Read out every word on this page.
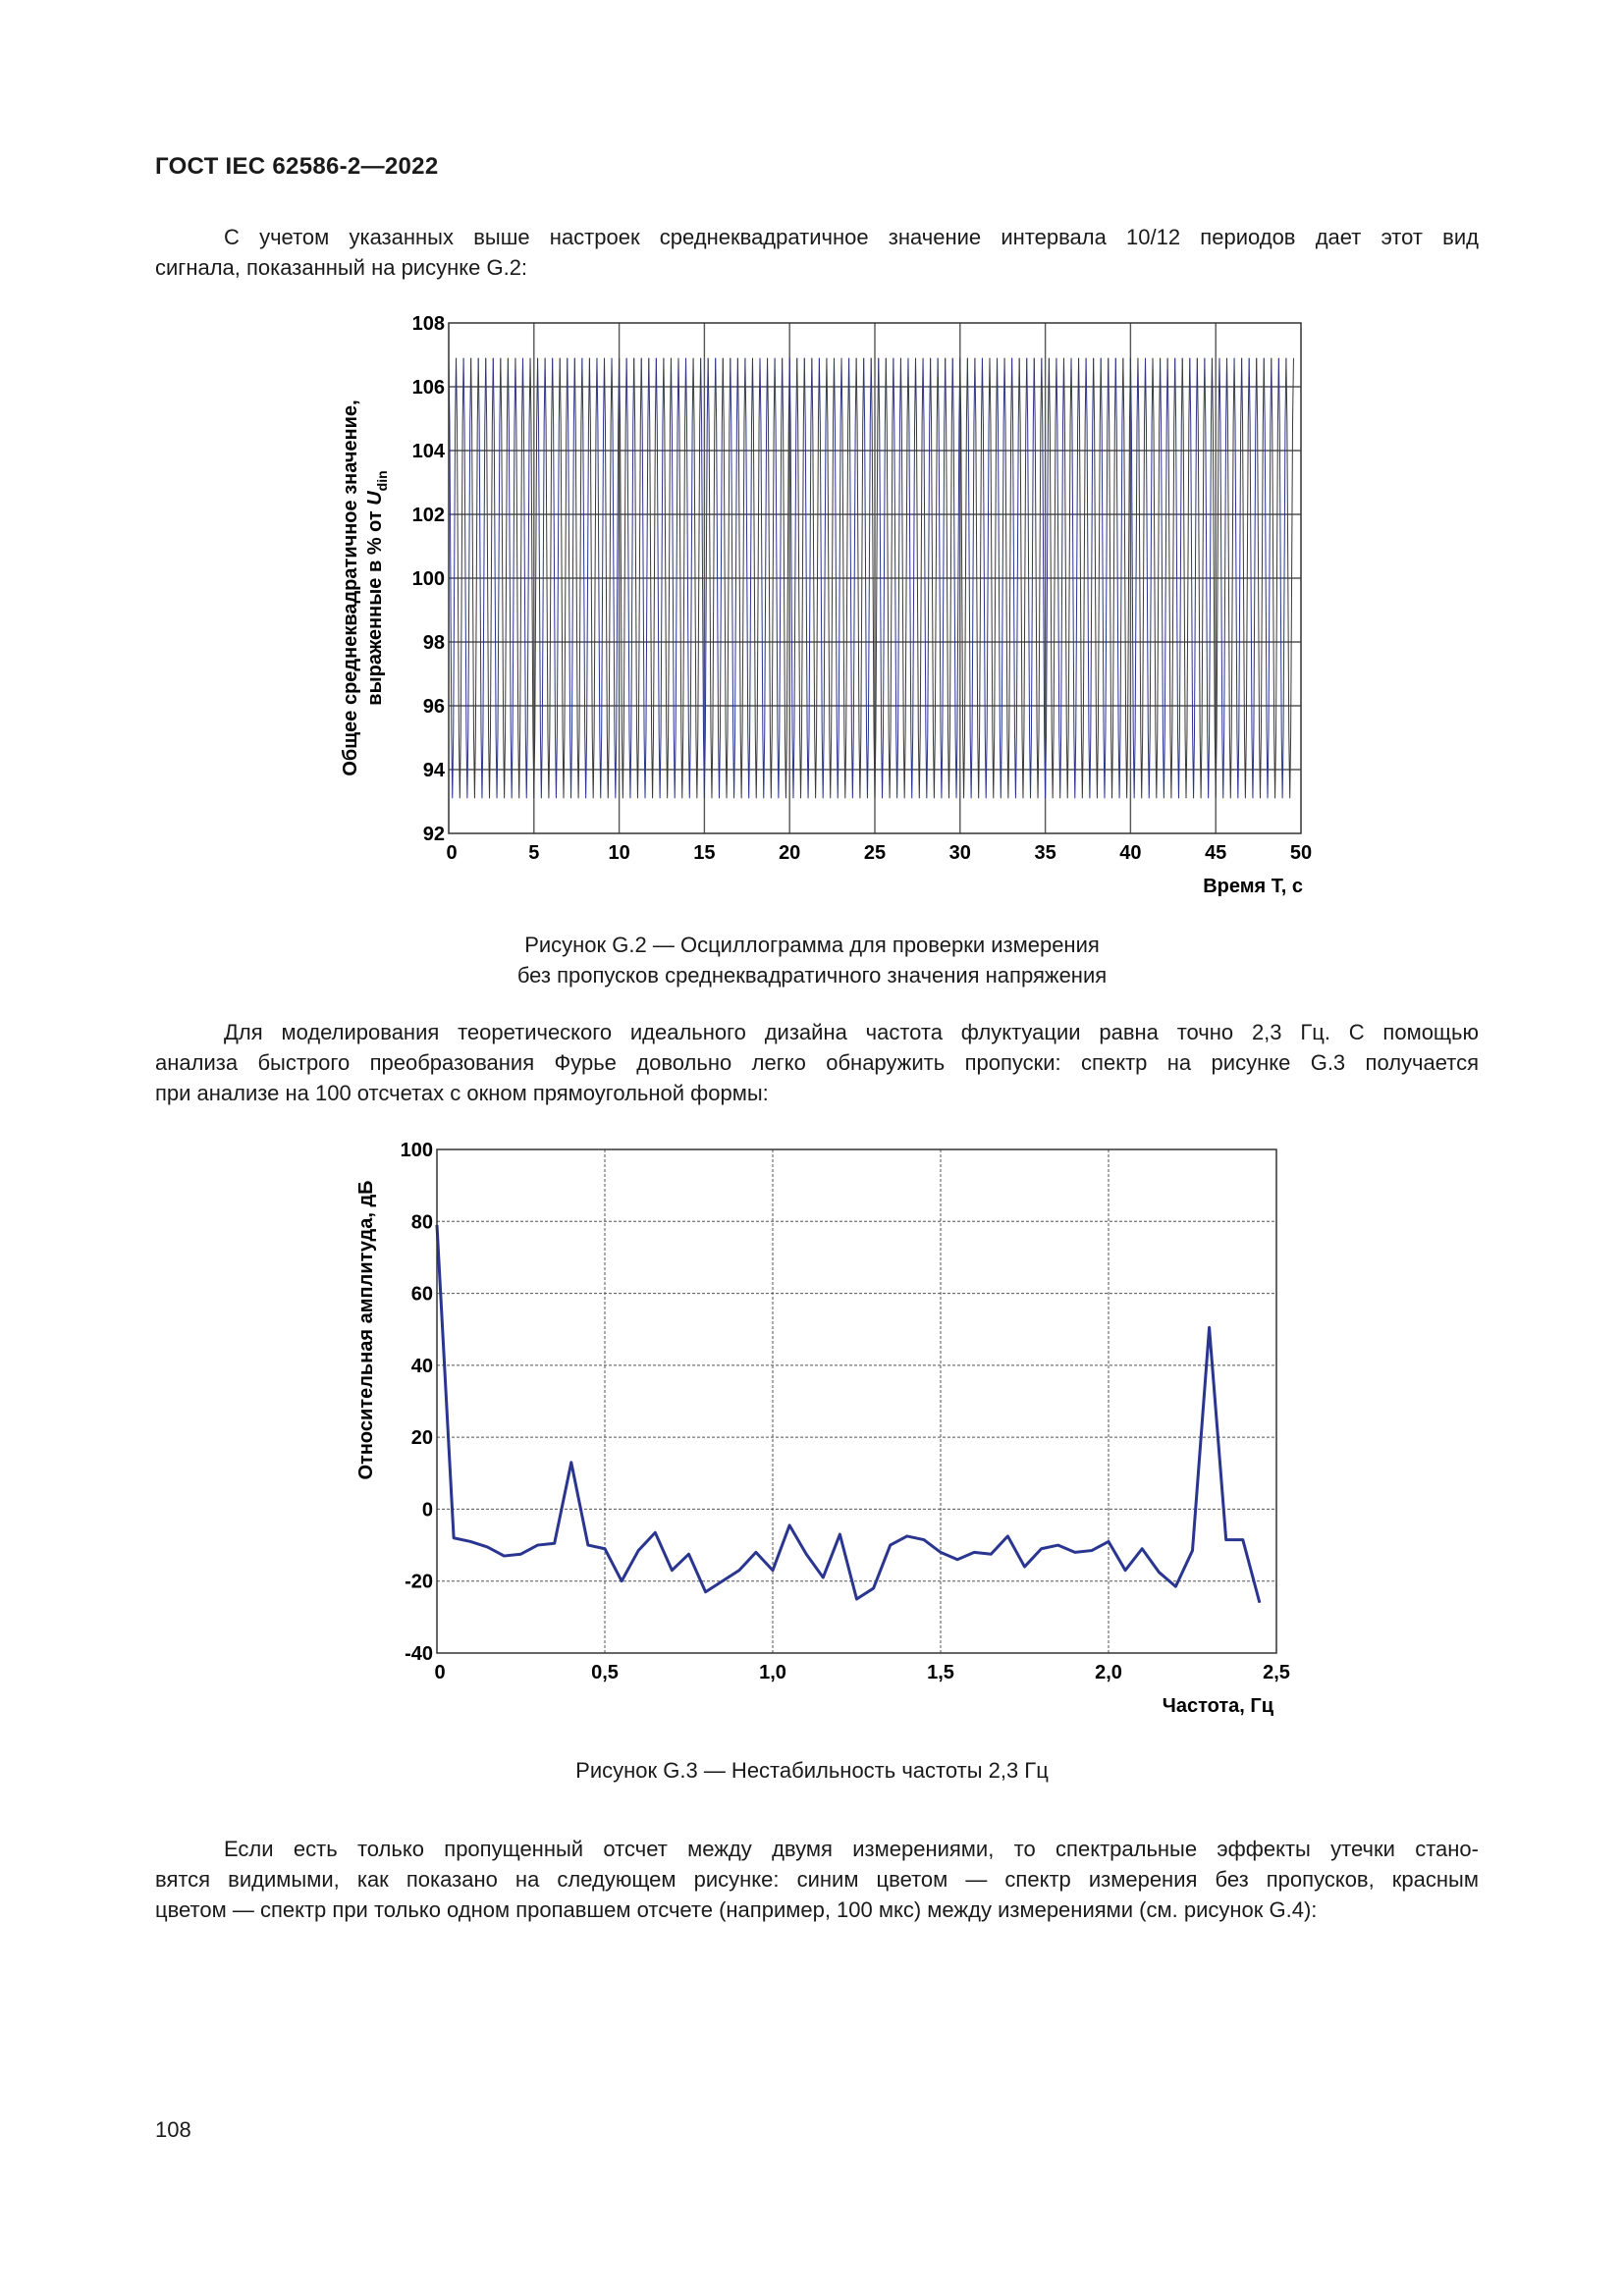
ГОСТ IEC 62586-2—2022
С учетом указанных выше настроек среднеквадратичное значение интервала 10/12 периодов дает этот вид
сигнала, показанный на рисунке G.2:
92
94
96
98
100
102
104
106
108
0	5	10	15	20	25	30	35	40	45	50
Время T, с
Общее среднеквадратичное значение, выраженные в % от $U_{din}$
Рисунок G.2 — Осциллограмма для проверки измерения
без пропусков среднеквадратичного значения напряжения
Для моделирования теоретического идеального дизайна частота флуктуации равна точно 2,3 Гц. С помощью
анализа быстрого преобразования Фурье довольно легко обнаружить пропуски: спектр на рисунке G.3 получается
при анализе на 100 отсчетах с окном прямоугольной формы:
-40
-20
0
20
40
60
80
100
0	0,5	1,0	1,5	2,0	2,5
Частота, Гц
Относительная амплитуда, дБ
Рисунок G.3 — Нестабильность частоты 2,3 Гц
Если есть только пропущенный отсчет между двумя измерениями, то спектральные эффекты утечки стано-
вятся видимыми, как показано на следующем рисунке: синим цветом — спектр измерения без пропусков, красным
цветом — спектр при только одном пропавшем отсчете (например, 100 мкс) между измерениями (см. рисунок G.4):
108
